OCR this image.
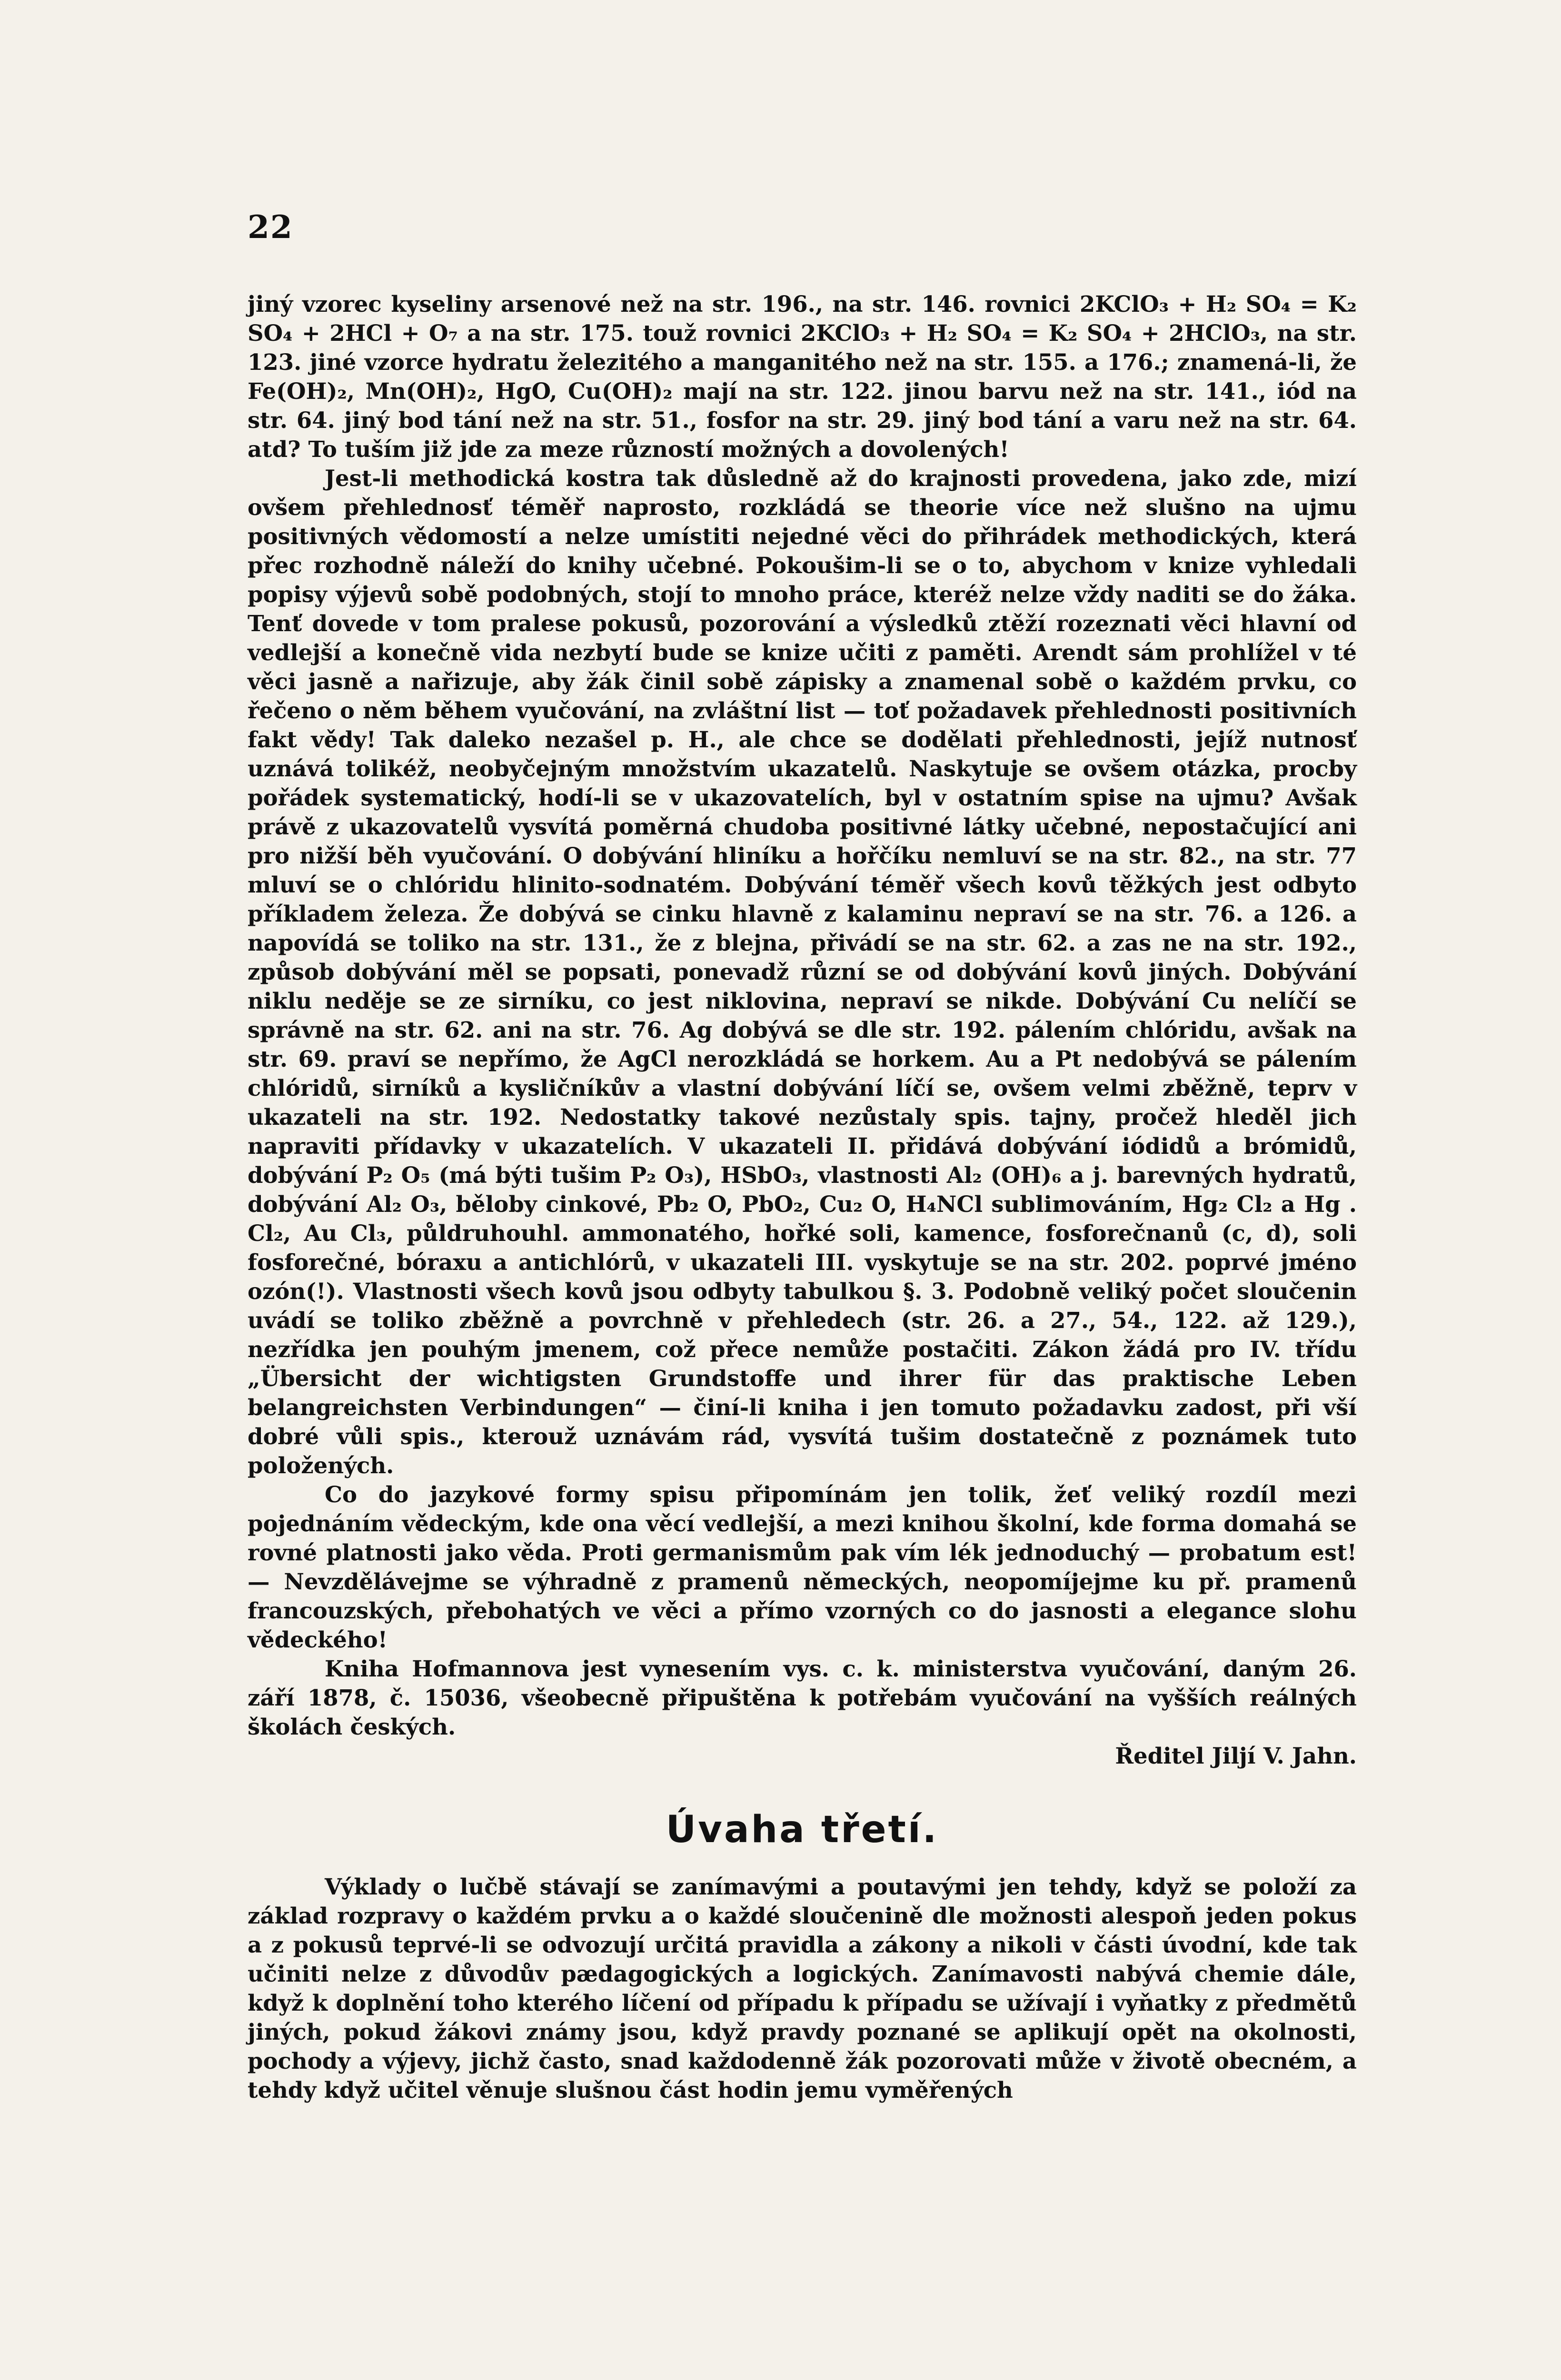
22

jiný vzorec kyseliny arsenové než na str. 196., na str. 146. rovnici 2KClO₃ + H₂ SO₄ = K₂ SO₄ + 2HCl + O₇ a na str. 175. touž rovnici 2KClO₃ + H₂ SO₄ = K₂ SO₄ + 2HClO₃, na str. 123. jiné vzorce hydratu železitého a manganitého než na str. 155. a 176.; znamená-li, že Fe(OH)₂, Mn(OH)₂, HgO, Cu(OH)₂ mají na str. 122. jinou barvu než na str. 141., iód na str. 64. jiný bod tání než na str. 51., fosfor na str. 29. jiný bod tání a varu než na str. 64. atd? To tuším již jde za meze růzností možných a dovolených!

Jest-li methodická kostra tak důsledně až do krajnosti provedena, jako zde, mizí ovšem přehlednosť téměř naprosto, rozkládá se theorie více než slušno na ujmu positivných vědomostí a nelze umístiti nejedné věci do přihrádek methodických, která přec rozhodně náleží do knihy učebné. Pokoušim-li se o to, abychom v knize vyhledali popisy výjevů sobě podobných, stojí to mnoho práce, kteréž nelze vždy naditi se do žáka. Tenť dovede v tom pralese pokusů, pozorování a výsledků ztěží rozeznati věci hlavní od vedlejší a konečně vida nezbytí bude se knize učiti z paměti. Arendt sám prohlížel v té věci jasně a nařizuje, aby žák činil sobě zápisky a znamenal sobě o každém prvku, co řečeno o něm během vyučování, na zvláštní list — toť požadavek přehlednosti positivních fakt vědy! Tak daleko nezašel p. H., ale chce se dodělati přehlednosti, jejíž nutnosť uznává tolikéž, neobyčejným množstvím ukazatelů. Naskytuje se ovšem otázka, procby pořádek systematický, hodí-li se v ukazovatelích, byl v ostatním spise na ujmu? Avšak právě z ukazovatelů vysvítá poměrná chudoba positivné látky učebné, nepostačující ani pro nižší běh vyučování. O dobývání hliníku a hořčíku nemluví se na str. 82., na str. 77 mluví se o chlóridu hlinito-sodnatém. Dobývání téměř všech kovů těžkých jest odbyto příkladem železa. Že dobývá se cinku hlavně z kalaminu nepraví se na str. 76. a 126. a napovídá se toliko na str. 131., že z blejna, přivádí se na str. 62. a zas ne na str. 192., způsob dobývání měl se popsati, ponevadž různí se od dobývání kovů jiných. Dobývání niklu neděje se ze sirníku, co jest niklovina, nepraví se nikde. Dobývání Cu nelíčí se správně na str. 62. ani na str. 76. Ag dobývá se dle str. 192. pálením chlóridu, avšak na str. 69. praví se nepřímo, že AgCl nerozkládá se horkem. Au a Pt nedobývá se pálením chlóridů, sirníků a kysličníkův a vlastní dobývání líčí se, ovšem velmi zběžně, teprv v ukazateli na str. 192. Nedostatky takové nezůstaly spis. tajny, pročež hleděl jich napraviti přídavky v ukazatelích. V ukazateli II. přidává dobývání iódidů a brómidů, dobývání P₂ O₅ (má býti tušim P₂ O₃), HSbO₃, vlastnosti Al₂ (OH)₆ a j. barevných hydratů, dobývání Al₂ O₃, běloby cinkové, Pb₂ O, PbO₂, Cu₂ O, H₄NCl sublimováním, Hg₂ Cl₂ a Hg . Cl₂, Au Cl₃, půldruhouhl. ammonatého, hořké soli, kamence, fosforečnanů (c, d), soli fosforečné, bóraxu a antichlórů, v ukazateli III. vyskytuje se na str. 202. poprvé jméno ozón(!). Vlastnosti všech kovů jsou odbyty tabulkou §. 3. Podobně veliký počet sloučenin uvádí se toliko zběžně a povrchně v přehledech (str. 26. a 27., 54., 122. až 129.), nezřídka jen pouhým jmenem, což přece nemůže postačiti. Zákon žádá pro IV. třídu „Übersicht der wichtigsten Grundstoffe und ihrer für das praktische Leben belangreichsten Verbindungen“ — činí-li kniha i jen tomuto požadavku zadost, při vší dobré vůli spis., kterouž uznávám rád, vysvítá tušim dostatečně z poznámek tuto položených.

Co do jazykové formy spisu připomínám jen tolik, žeť veliký rozdíl mezi pojednáním vědeckým, kde ona věcí vedlejší, a mezi knihou školní, kde forma domahá se rovné platnosti jako věda. Proti germanismům pak vím lék jednoduchý — probatum est! — Nevzdělávejme se výhradně z pramenů německých, neopomíjejme ku př. pramenů francouzských, přebohatých ve věci a přímo vzorných co do jasnosti a elegance slohu vědeckého!

Kniha Hofmannova jest vynesením vys. c. k. ministerstva vyučování, daným 26. září 1878, č. 15036, všeobecně připuštěna k potřebám vyučování na vyšších reálných školách českých.

Ředitel Jiljí V. Jahn.

Úvaha třetí.

Výklady o lučbě stávají se zanímavými a poutavými jen tehdy, když se položí za základ rozpravy o každém prvku a o každé sloučenině dle možnosti alespoň jeden pokus a z pokusů teprvé-li se odvozují určitá pravidla a zákony a nikoli v části úvodní, kde tak učiniti nelze z důvodův pædagogických a logických. Zanímavosti nabývá chemie dále, když k doplnění toho kterého líčení od případu k případu se užívají i vyňatky z předmětů jiných, pokud žákovi známy jsou, když pravdy poznané se aplikují opět na okolnosti, pochody a výjevy, jichž často, snad každodenně žák pozorovati může v životě obecném, a tehdy když učitel věnuje slušnou část hodin jemu vyměřených
